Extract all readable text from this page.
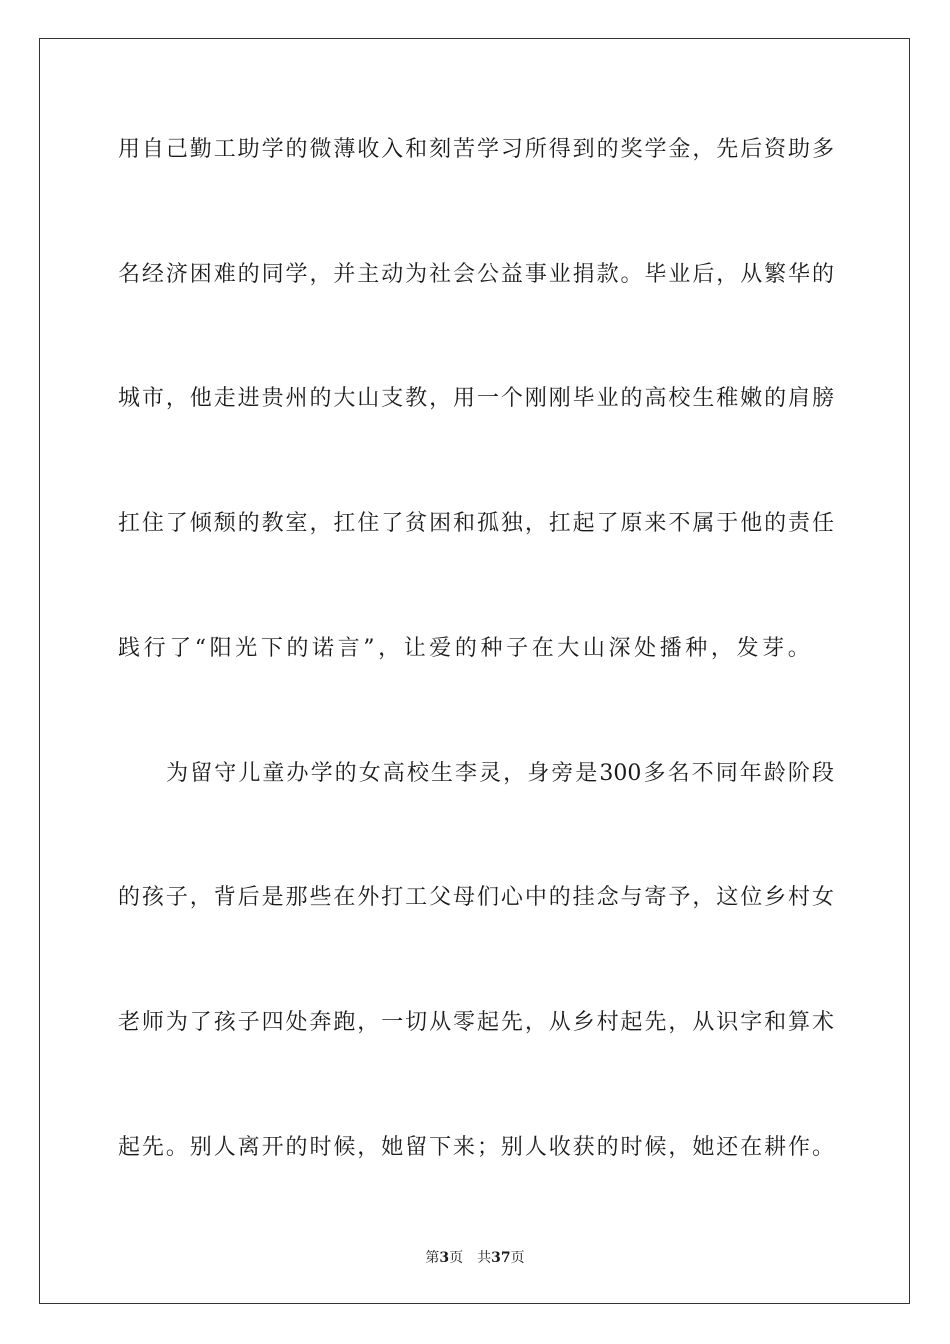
用自己勤工助学的微薄收入和刻苦学习所得到的奖学金，先后资助多
名经济困难的同学，并主动为社会公益事业捐款。毕业后，从繁华的
城市，他走进贵州的大山支教，用一个刚刚毕业的高校生稚嫩的肩膀
扛住了倾颓的教室，扛住了贫困和孤独，扛起了原来不属于他的责任
践行了“阳光下的诺言”，让爱的种子在大山深处播种，发芽。
　　为留守儿童办学的女高校生李灵，身旁是300多名不同年龄阶段
的孩子，背后是那些在外打工父母们心中的挂念与寄予，这位乡村女
老师为了孩子四处奔跑，一切从零起先，从乡村起先，从识字和算术
起先。别人离开的时候，她留下来；别人收获的时候，她还在耕作。
第3页 共37页
